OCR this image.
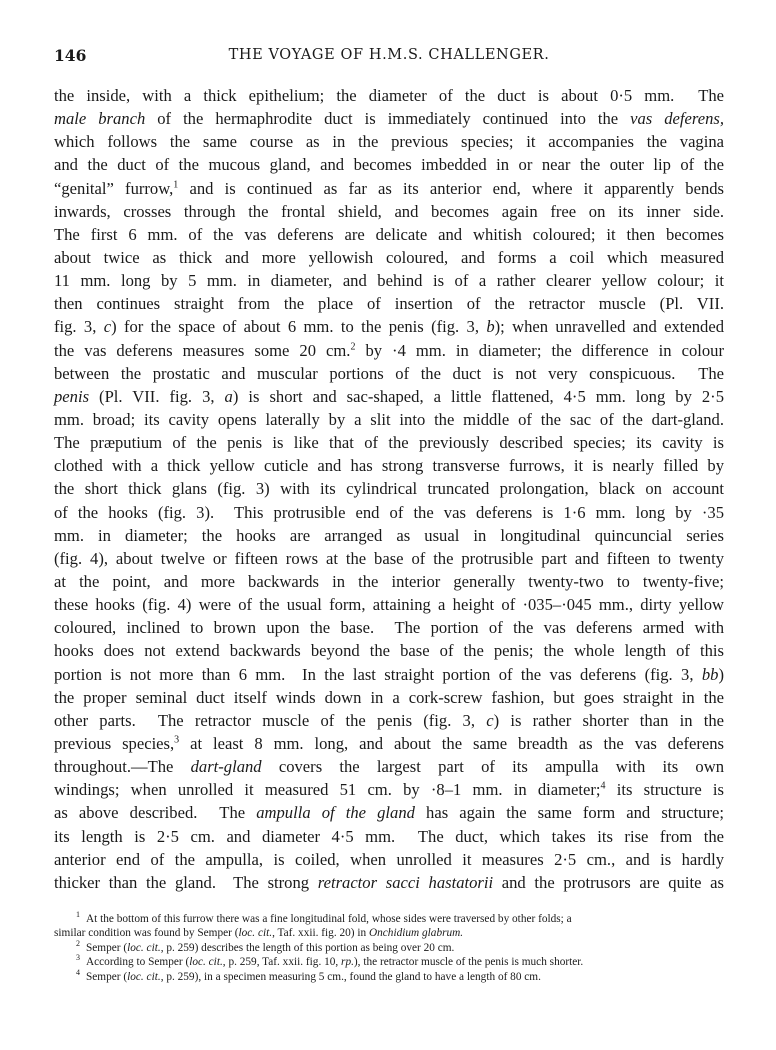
146	THE VOYAGE OF H.M.S. CHALLENGER.
the inside, with a thick epithelium; the diameter of the duct is about 0·5 mm.  The
male branch of the hermaphrodite duct is immediately continued into the vas deferens,
which follows the same course as in the previous species; it accompanies the vagina
and the duct of the mucous gland, and becomes imbedded in or near the outer lip of the
“genital” furrow,$^1$ and is continued as far as its anterior end, where it apparently bends
inwards, crosses through the frontal shield, and becomes again free on its inner side.
The first 6 mm. of the vas deferens are delicate and whitish coloured; it then becomes
about twice as thick and more yellowish coloured, and forms a coil which measured
11 mm. long by 5 mm. in diameter, and behind is of a rather clearer yellow colour; it
then continues straight from the place of insertion of the retractor muscle (Pl. VII.
fig. 3, c) for the space of about 6 mm. to the penis (fig. 3, b); when unravelled and extended
the vas deferens measures some 20 cm.$^2$ by ·4 mm. in diameter; the difference in colour
between the prostatic and muscular portions of the duct is not very conspicuous.  The
penis (Pl. VII. fig. 3, a) is short and sac-shaped, a little flattened, 4·5 mm. long by 2·5
mm. broad; its cavity opens laterally by a slit into the middle of the sac of the dart-gland.
The præputium of the penis is like that of the previously described species; its cavity is
clothed with a thick yellow cuticle and has strong transverse furrows, it is nearly filled by
the short thick glans (fig. 3) with its cylindrical truncated prolongation, black on account
of the hooks (fig. 3).  This protrusible end of the vas deferens is 1·6 mm. long by ·35
mm. in diameter; the hooks are arranged as usual in longitudinal quincuncial series
(fig. 4), about twelve or fifteen rows at the base of the protrusible part and fifteen to twenty
at the point, and more backwards in the interior generally twenty-two to twenty-five;
these hooks (fig. 4) were of the usual form, attaining a height of ·035–·045 mm., dirty yellow
coloured, inclined to brown upon the base.  The portion of the vas deferens armed with
hooks does not extend backwards beyond the base of the penis; the whole length of this
portion is not more than 6 mm.  In the last straight portion of the vas deferens (fig. 3, bb)
the proper seminal duct itself winds down in a cork-screw fashion, but goes straight in the
other parts.  The retractor muscle of the penis (fig. 3, c) is rather shorter than in the
previous species,$^3$ at least 8 mm. long, and about the same breadth as the vas deferens
throughout.—The dart-gland covers the largest part of its ampulla with its own
windings; when unrolled it measured 51 cm. by ·8–1 mm. in diameter;$^4$ its structure is
as above described.  The ampulla of the gland has again the same form and structure;
its length is 2·5 cm. and diameter 4·5 mm.  The duct, which takes its rise from the
anterior end of the ampulla, is coiled, when unrolled it measures 2·5 cm., and is hardly
thicker than the gland.  The strong retractor sacci hastatorii and the protrusors are quite as
$^1$ At the bottom of this furrow there was a fine longitudinal fold, whose sides were traversed by other folds; a
similar condition was found by Semper (loc. cit., Taf. xxii. fig. 20) in Onchidium glabrum.
$^2$ Semper (loc. cit., p. 259) describes the length of this portion as being over 20 cm.
$^3$ According to Semper (loc. cit., p. 259, Taf. xxii. fig. 10, rp.), the retractor muscle of the penis is much shorter.
$^4$ Semper (loc. cit., p. 259), in a specimen measuring 5 cm., found the gland to have a length of 80 cm.
